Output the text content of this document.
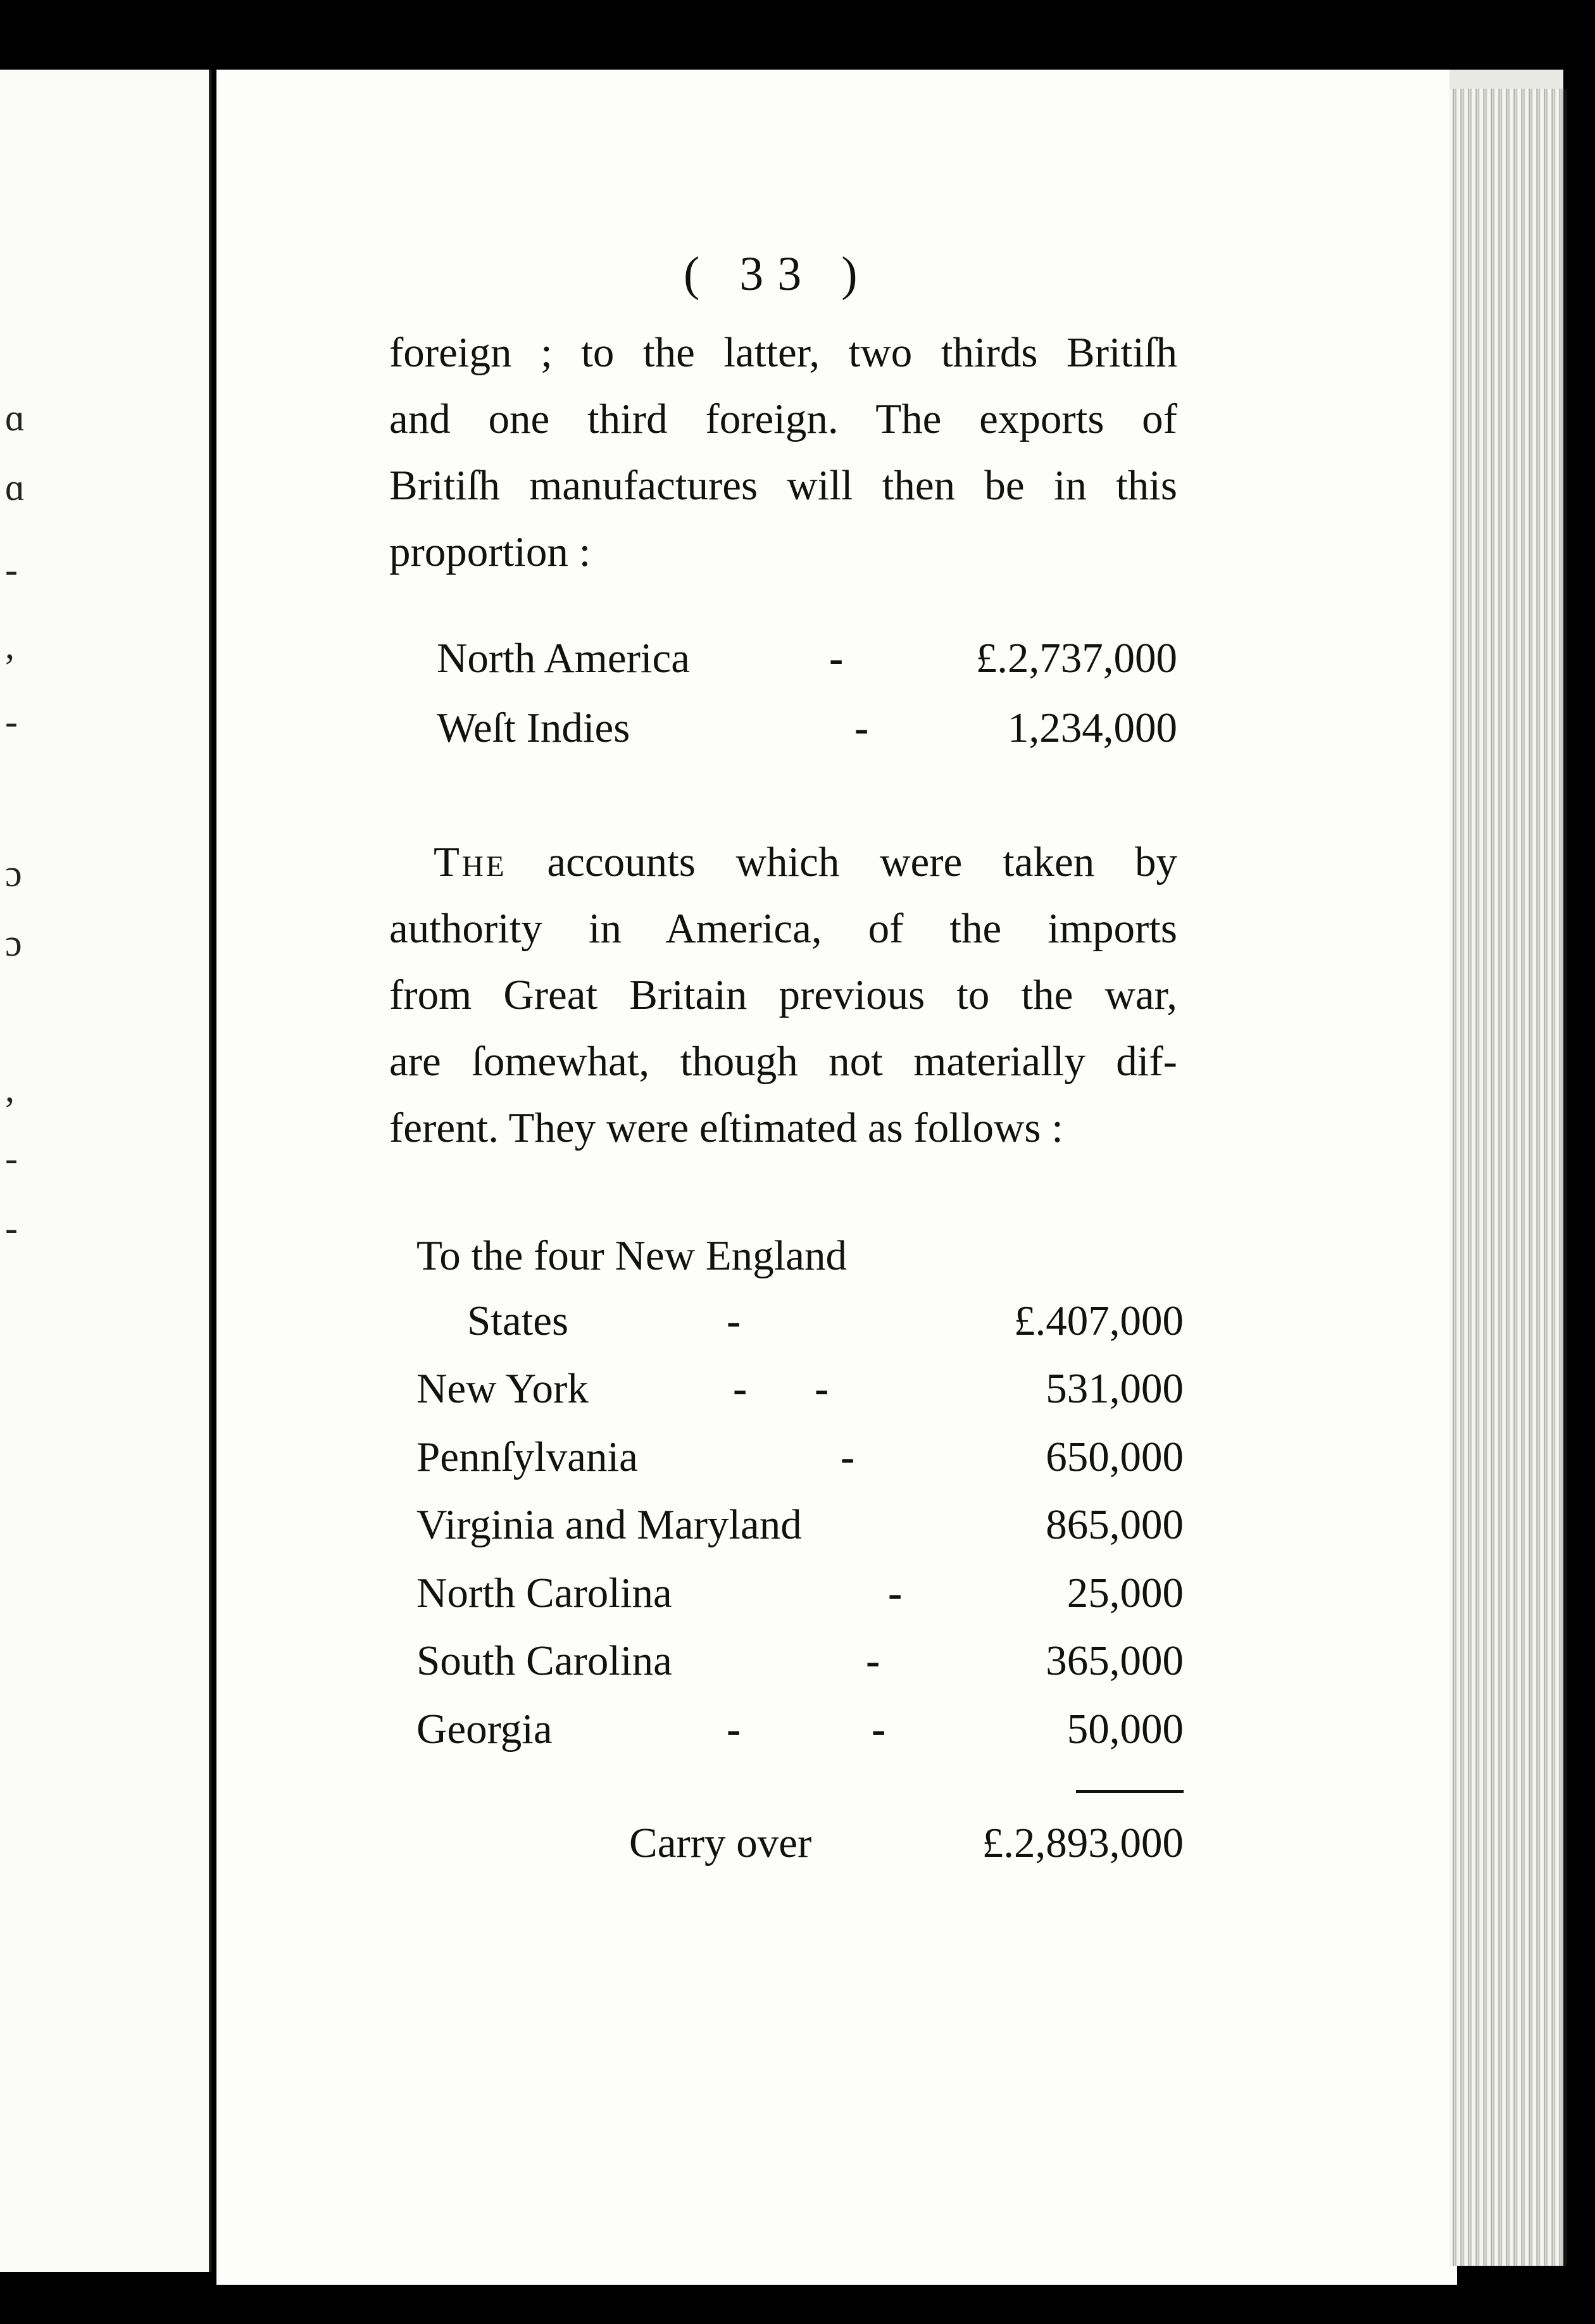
ɑ
ɑ
-
,
-
ɔ
ɔ
,
-
-
( 33 )
foreign ; to the latter, two thirds Britiſh
and one third foreign. The exports of
Britiſh manufactures will then be in this
proportion :
North America	-	£.2,737,000
Weſt Indies	-	1,234,000
The accounts which were taken by
authority in America, of the imports
from Great Britain previous to the war,
are ſomewhat, though not materially dif-
ferent. They were eſtimated as follows :
To the four New England
States	-	£.407,000
New York	- -	531,000
Pennſylvania	-	650,000
Virginia and Maryland	865,000
North Carolina	-	25,000
South Carolina	-	365,000
Georgia	- -	50,000
Carry over	£.2,893,000
